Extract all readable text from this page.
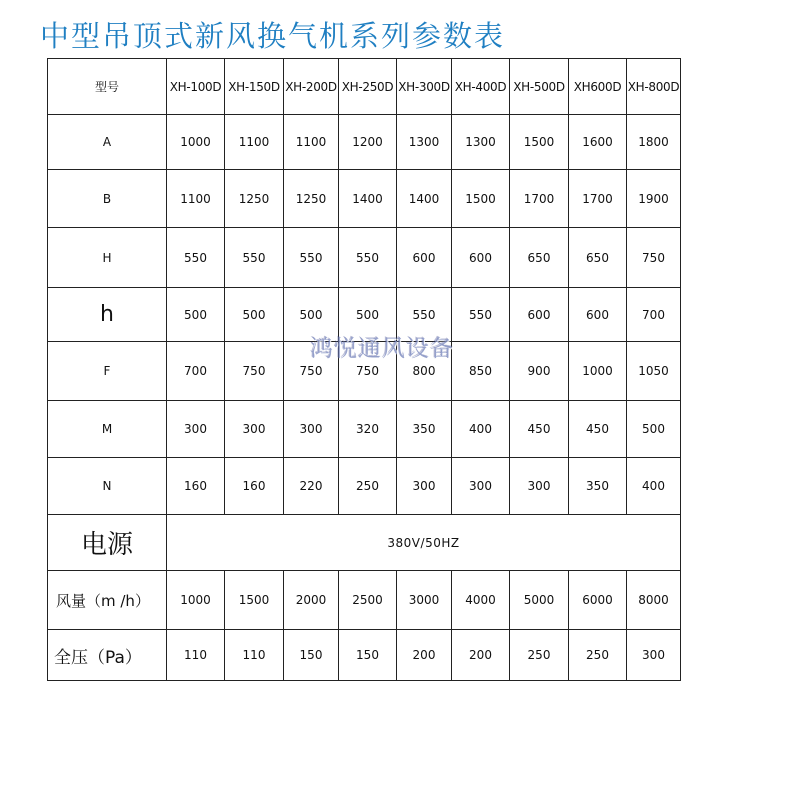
中型吊顶式新风换气机系列参数表
型号	XH-100D	XH-150D	XH-200D	XH-250D	XH-300D	XH-400D	XH-500D	XH600D	XH-800D
A	1000	1100	1100	1200	1300	1300	1500	1600	1800
B	1100	1250	1250	1400	1400	1500	1700	1700	1900
H	550	550	550	550	600	600	650	650	750
h	500	500	500	500	550	550	600	600	700
F	700	750	750	750	800	850	900	1000	1050
M	300	300	300	320	350	400	450	450	500
N	160	160	220	250	300	300	300	350	400
电源	380V/50HZ								
风量（m /h）	1000	1500	2000	2500	3000	4000	5000	6000	8000
全压（Pa）	110	110	150	150	200	200	250	250	300
鸿悦通风设备
